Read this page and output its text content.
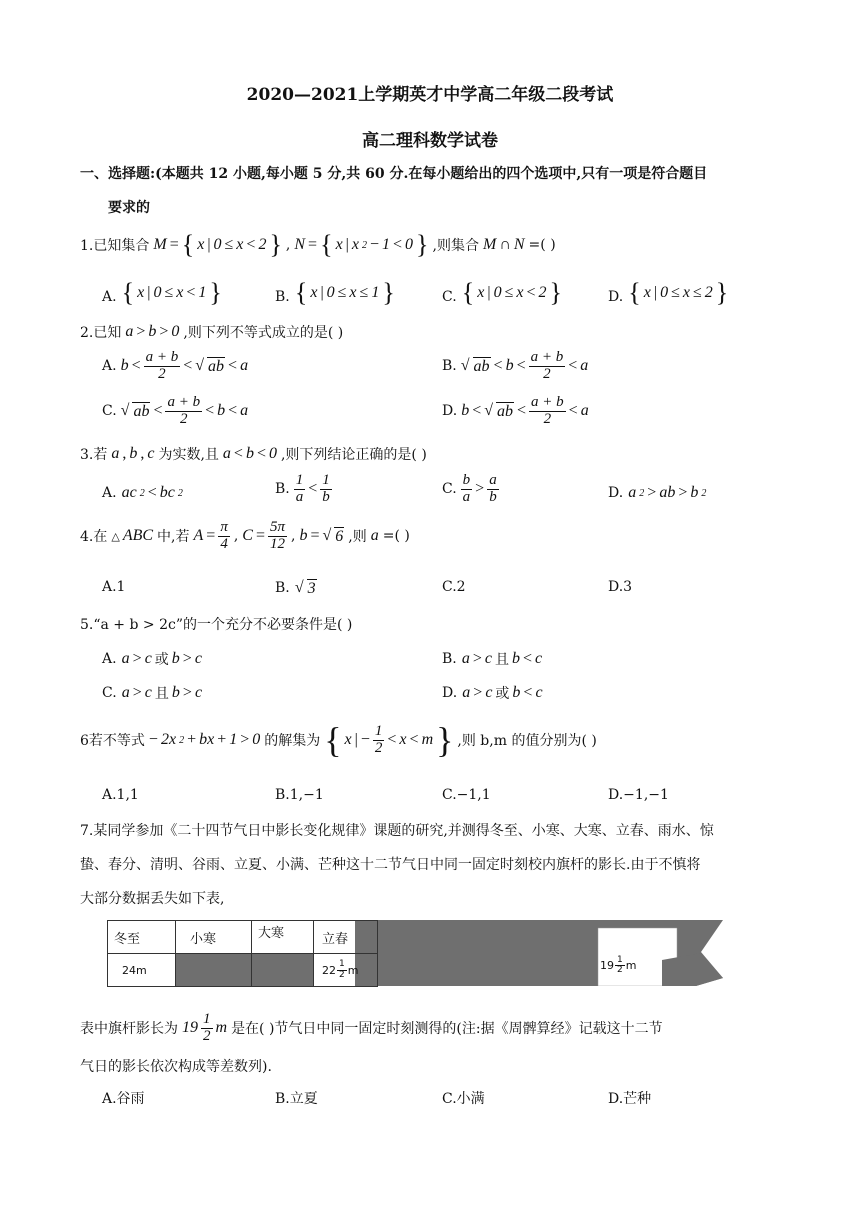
2020—2021上学期英才中学高二年级二段考试
高二理科数学试卷
一、选择题:(本题共 12 小题,每小题 5 分,共 60 分.在每小题给出的四个选项中,只有一项是符合题目
要求的
1.已知集合 M = { x | 0 ≤ x < 2 } , N = { x | x 2 − 1 < 0 } ,则集合 M ∩ N =( )
A. { x | 0 ≤ x < 1 }	B. { x | 0 ≤ x ≤ 1 }	C. { x | 0 ≤ x < 2 }	D. { x | 0 ≤ x ≤ 2 }
2.已知 a > b > 0 ,则下列不等式成立的是( )
A. $b < \frac{a + b}{2}$ < √ ab < a	B. √ ab < $b < \frac{a + b}{2} < a$
C. √ ab < $\frac{a + b}{2} < b < a$	D. b < √ ab < $\frac{a + b}{2} < a$
3.若 a , b , c 为实数,且 a < b < 0 ,则下列结论正确的是( )
A. ac 2 < bc 2	B. $\frac{1}{a} < \frac{1}{b}$	C. $\frac{b}{a} > \frac{a}{b}$	D. a 2 > ab > b 2
4.在 △ ABC 中,若 $A = \frac{\pi}{4}$ , $C = \frac{5\pi}{12}$ , b = √ 6 ,则 a =( )
A.1	B. √ 3	C.2	D.3
5.“a + b > 2c”的一个充分不必要条件是( )
A. a > c 或 b > c	B. a > c 且 b < c
C. a > c 且 b > c	D. a > c 或 b < c
6若不等式 − 2x 2 + bx + 1 > 0 的解集为 { x | − $\frac{1}{2} < x < m$ } ,则 b,m 的值分别为( )
A.1,1	B.1,−1	C.−1,1	D.−1,−1
7.某同学参加《二十四节气日中影长变化规律》课题的研究,并测得冬至、小寒、大寒、立春、雨水、惊
蛰、春分、清明、谷雨、立夏、小满、芒种这十二节气日中同一固定时刻校内旗杆的影长.由于不慎将
大部分数据丢失如下表,
冬至	小寒	大寒	立春
24m			$22 \frac{1}{2}$ m	$19 \frac{1}{2}$ m
表中旗杆影长为 $19 \frac{1}{2}$ m 是在( )节气日中同一固定时刻测得的(注:据《周髀算经》记载这十二节
气日的影长依次构成等差数列).
A.谷雨	B.立夏	C.小满	D.芒种
